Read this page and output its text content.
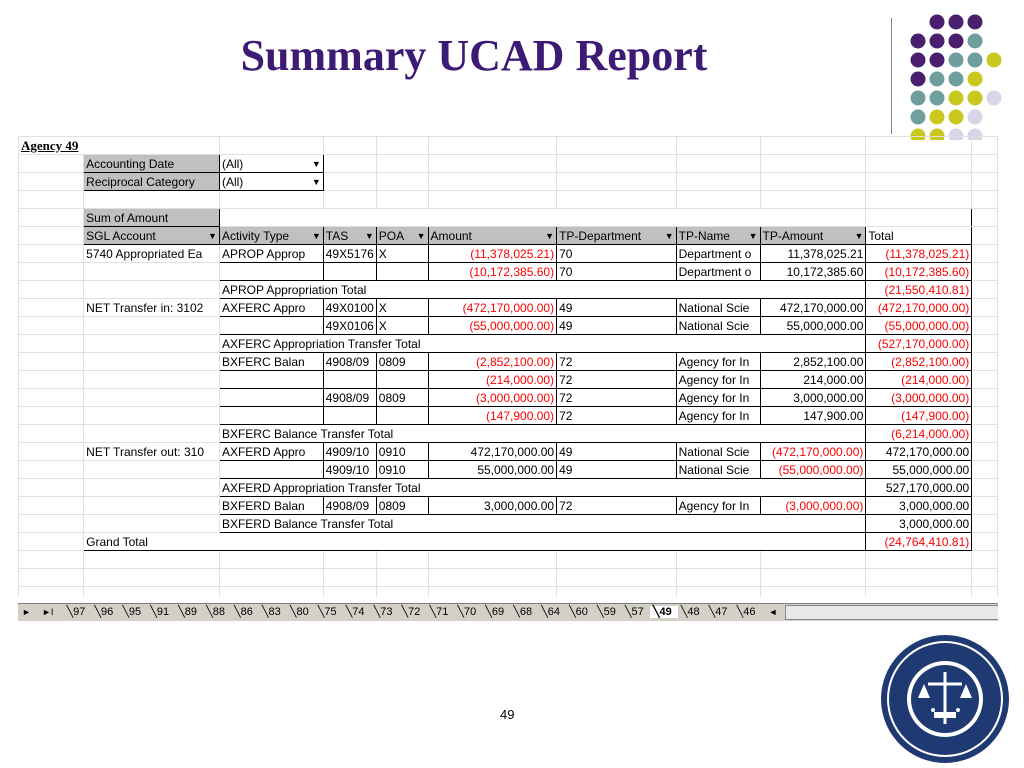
Summary UCAD Report
Agency 49										
	Accounting Date	(All) ▼								

	Reciprocal Category	(All) ▼								

	Sum of Amount									
	SGL Account ▼	Activity Type ▼	TAS ▼	POA ▼	Amount ▼	TP-Department ▼	TP-Name ▼	TP-Amount ▼	Total	
	5740 Appropriated Ea	APROP Approp	49X5176	X	(11,378,025.21)	70	Department o	11,378,025.21	(11,378,025.21)	
					(10,172,385.60)	70	Department o	10,172,385.60	(10,172,385.60)	
		APROP Appropriation Total							(21,550,410.81)	
	NET Transfer in: 3102	AXFERC Appro	49X0100	X	(472,170,000.00)	49	National Scie	472,170,000.00	(472,170,000.00)	
			49X0106	X	(55,000,000.00)	49	National Scie	55,000,000.00	(55,000,000.00)	
		AXFERC Appropriation Transfer Total							(527,170,000.00)	
		BXFERC Balan	4908/09	0809	(2,852,100.00)	72	Agency for In	2,852,100.00	(2,852,100.00)	
					(214,000.00)	72	Agency for In	214,000.00	(214,000.00)	
			4908/09	0809	(3,000,000.00)	72	Agency for In	3,000,000.00	(3,000,000.00)	
					(147,900.00)	72	Agency for In	147,900.00	(147,900.00)	
		BXFERC Balance Transfer Total							(6,214,000.00)	
	NET Transfer out: 310	AXFERD Appro	4909/10	0910	472,170,000.00	49	National Scie	(472,170,000.00)	472,170,000.00	
			4909/10	0910	55,000,000.00	49	National Scie	(55,000,000.00)	55,000,000.00	
		AXFERD Appropriation Transfer Total							527,170,000.00	
		BXFERD Balan	4908/09	0809	3,000,000.00	72	Agency for In	(3,000,000.00)	3,000,000.00	
		BXFERD Balance Transfer Total							3,000,000.00	
	Grand Total								(24,764,410.81)	

► ►I ╲97 ╲96 ╲95 ╲91 ╲89 ╲88 ╲86 ╲83 ╲80 ╲75 ╲74 ╲73 ╲72 ╲71 ╲70 ╲69 ╲68 ╲64 ╲60 ╲59 ╲57 ╲49 ╲48 ╲47 ╲46 ◄
49
